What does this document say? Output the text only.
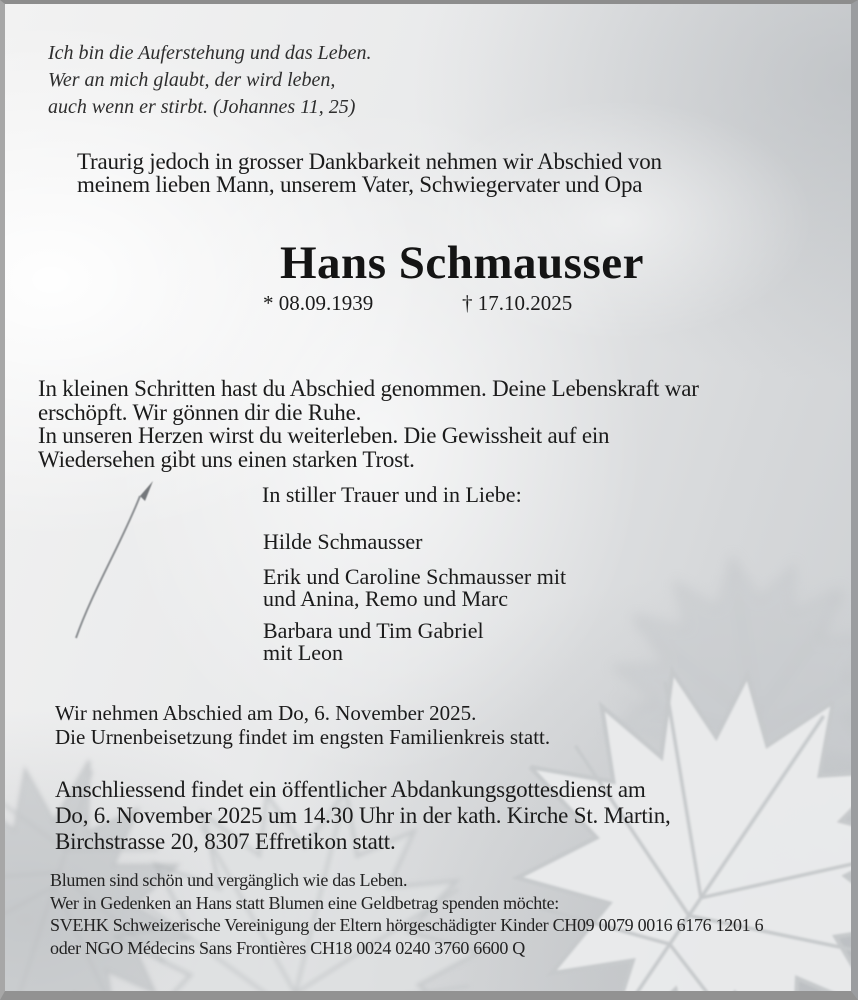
Ich bin die Auferstehung und das Leben.
Wer an mich glaubt, der wird leben,
auch wenn er stirbt. (Johannes 11, 25)
Traurig jedoch in grosser Dankbarkeit nehmen wir Abschied von
meinem lieben Mann, unserem Vater, Schwiegervater und Opa
Hans Schmausser
* 08.09.1939	† 17.10.2025
In kleinen Schritten hast du Abschied genommen. Deine Lebenskraft war
erschöpft. Wir gönnen dir die Ruhe.
In unseren Herzen wirst du weiterleben. Die Gewissheit auf ein
Wiedersehen gibt uns einen starken Trost.
In stiller Trauer und in Liebe:
Hilde Schmausser
Erik und Caroline Schmausser mit
und Anina, Remo und Marc
Barbara und Tim Gabriel
mit Leon
Wir nehmen Abschied am Do, 6. November 2025.
Die Urnenbeisetzung findet im engsten Familienkreis statt.
Anschliessend findet ein öffentlicher Abdankungsgottesdienst am
Do, 6. November 2025 um 14.30 Uhr in der kath. Kirche St. Martin,
Birchstrasse 20, 8307 Effretikon statt.
Blumen sind schön und vergänglich wie das Leben.
Wer in Gedenken an Hans statt Blumen eine Geldbetrag spenden möchte:
SVEHK Schweizerische Vereinigung der Eltern hörgeschädigter Kinder CH09 0079 0016 6176 1201 6
oder NGO Médecins Sans Frontières CH18 0024 0240 3760 6600 Q
